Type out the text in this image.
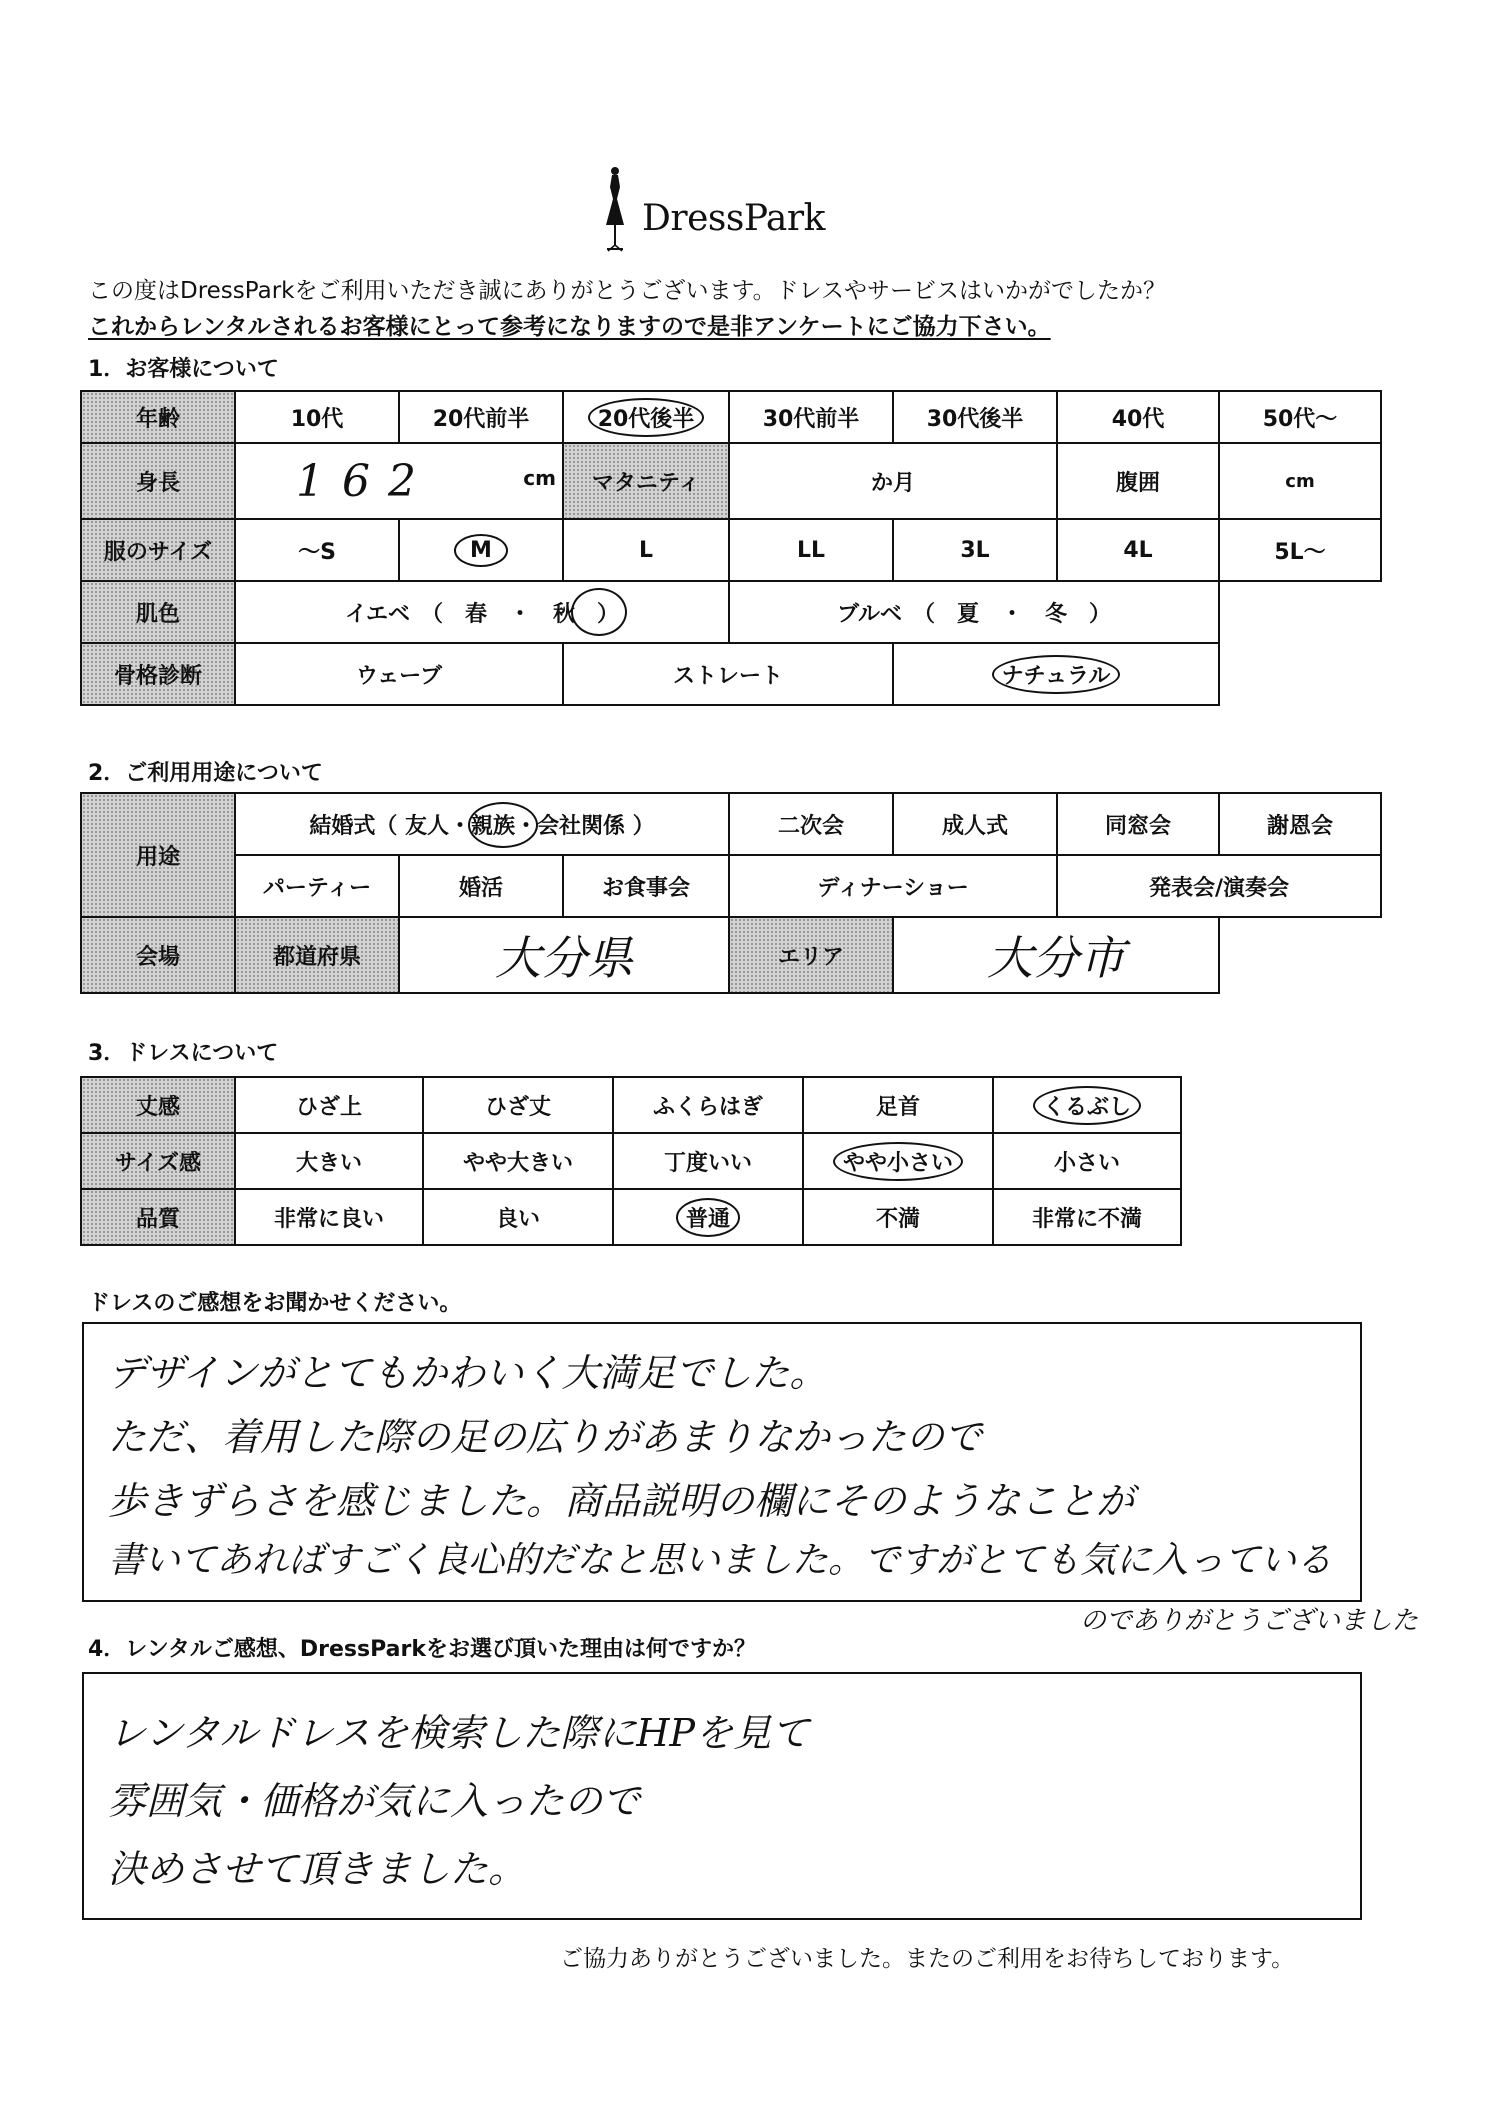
DressPark
この度はDressParkをご利用いただき誠にありがとうございます。ドレスやサービスはいかがでしたか？
これからレンタルされるお客様にとって参考になりますので是非アンケートにご協力下さい。
1．お客様について
年齢	10代	20代前半	20代後半	30代前半	30代後半	40代	50代～
身長	162 cm		マタニティ	か月		腹囲	cm
服のサイズ	～S	M	L	LL	3L	4L	5L～
肌色	イエベ　（　春　・　秋　）			ブルベ　（　夏　・　冬　）			
骨格診断	ウェーブ		ストレート		ナチュラル		
2．ご利用用途について
用途	結婚式（ 友人・親族・会社関係 ）			二次会	成人式	同窓会	謝恩会
	パーティー	婚活	お食事会	ディナーショー		発表会/演奏会	
会場	都道府県	大分県		エリア	大分市		
3．ドレスについて
丈感	ひざ上	ひざ丈	ふくらはぎ	足首	くるぶし
サイズ感	大きい	やや大きい	丁度いい	やや小さい	小さい
品質	非常に良い	良い	普通	不満	非常に不満
ドレスのご感想をお聞かせください。
デザインがとてもかわいく大満足でした。
ただ、着用した際の足の広りがあまりなかったので
歩きずらさを感じました。商品説明の欄にそのようなことが
書いてあればすごく良心的だなと思いました。ですがとても気に入っている
のでありがとうございました
4．レンタルご感想、DressParkをお選び頂いた理由は何ですか？
レンタルドレスを検索した際にHPを見て
雰囲気・価格が気に入ったので
決めさせて頂きました。
ご協力ありがとうございました。またのご利用をお待ちしております。
